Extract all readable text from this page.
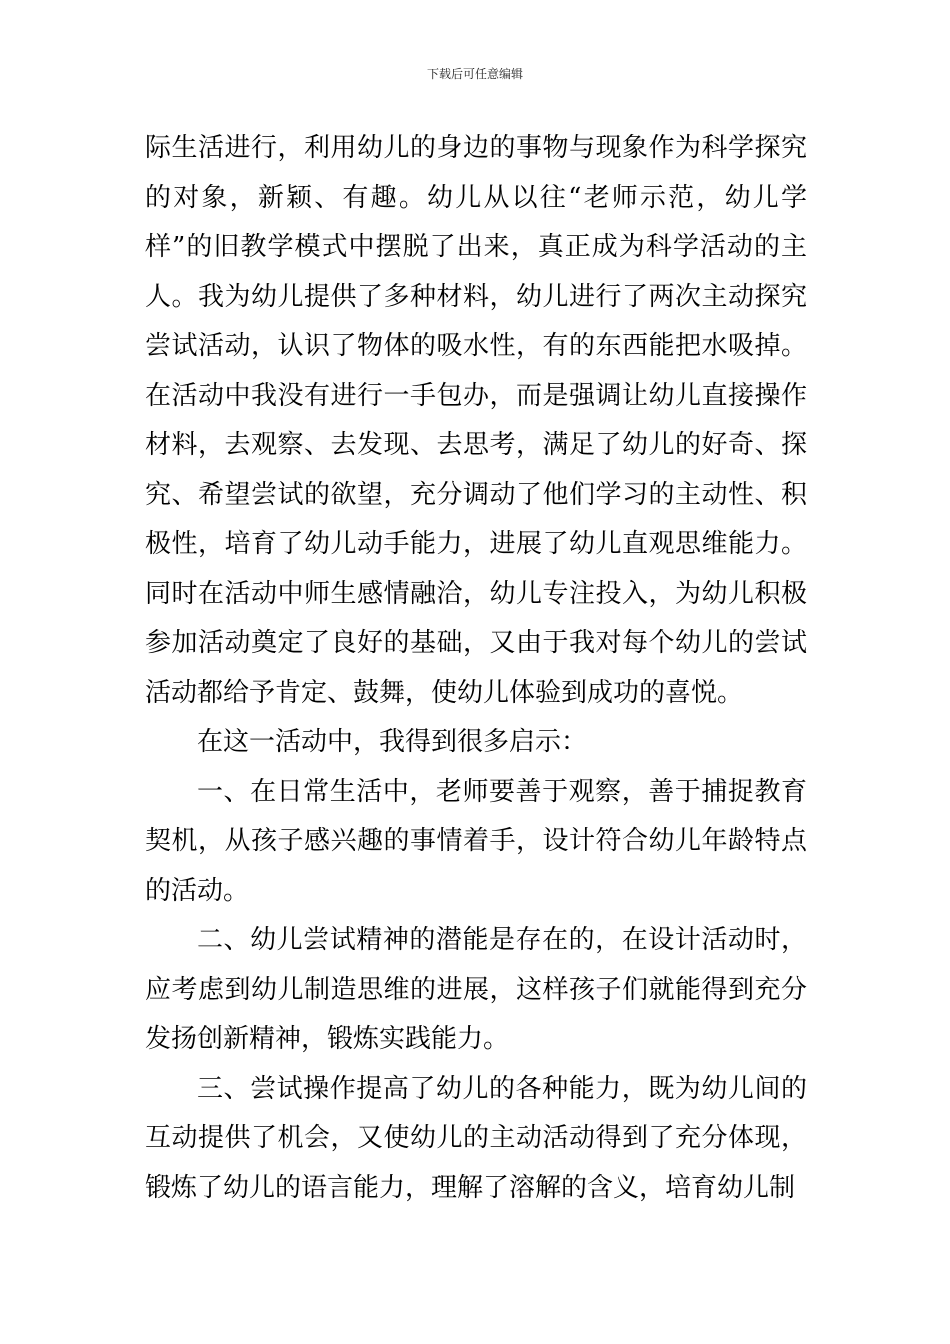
下载后可任意编辑

际生活进行，利用幼儿的身边的事物与现象作为科学探究的对象，新颖、有趣。幼儿从以往“老师示范，幼儿学样”的旧教学模式中摆脱了出来，真正成为科学活动的主人。我为幼儿提供了多种材料，幼儿进行了两次主动探究尝试活动，认识了物体的吸水性，有的东西能把水吸掉。在活动中我没有进行一手包办，而是强调让幼儿直接操作材料，去观察、去发现、去思考，满足了幼儿的好奇、探究、希望尝试的欲望，充分调动了他们学习的主动性、积极性，培育了幼儿动手能力，进展了幼儿直观思维能力。同时在活动中师生感情融洽，幼儿专注投入，为幼儿积极参加活动奠定了良好的基础，又由于我对每个幼儿的尝试活动都给予肯定、鼓舞，使幼儿体验到成功的喜悦。

在这一活动中，我得到很多启示：

一、在日常生活中，老师要善于观察，善于捕捉教育契机，从孩子感兴趣的事情着手，设计符合幼儿年龄特点的活动。

二、幼儿尝试精神的潜能是存在的，在设计活动时，应考虑到幼儿制造思维的进展，这样孩子们就能得到充分发扬创新精神，锻炼实践能力。

三、尝试操作提高了幼儿的各种能力，既为幼儿间的互动提供了机会，又使幼儿的主动活动得到了充分体现，锻炼了幼儿的语言能力，理解了溶解的含义，培育幼儿制
